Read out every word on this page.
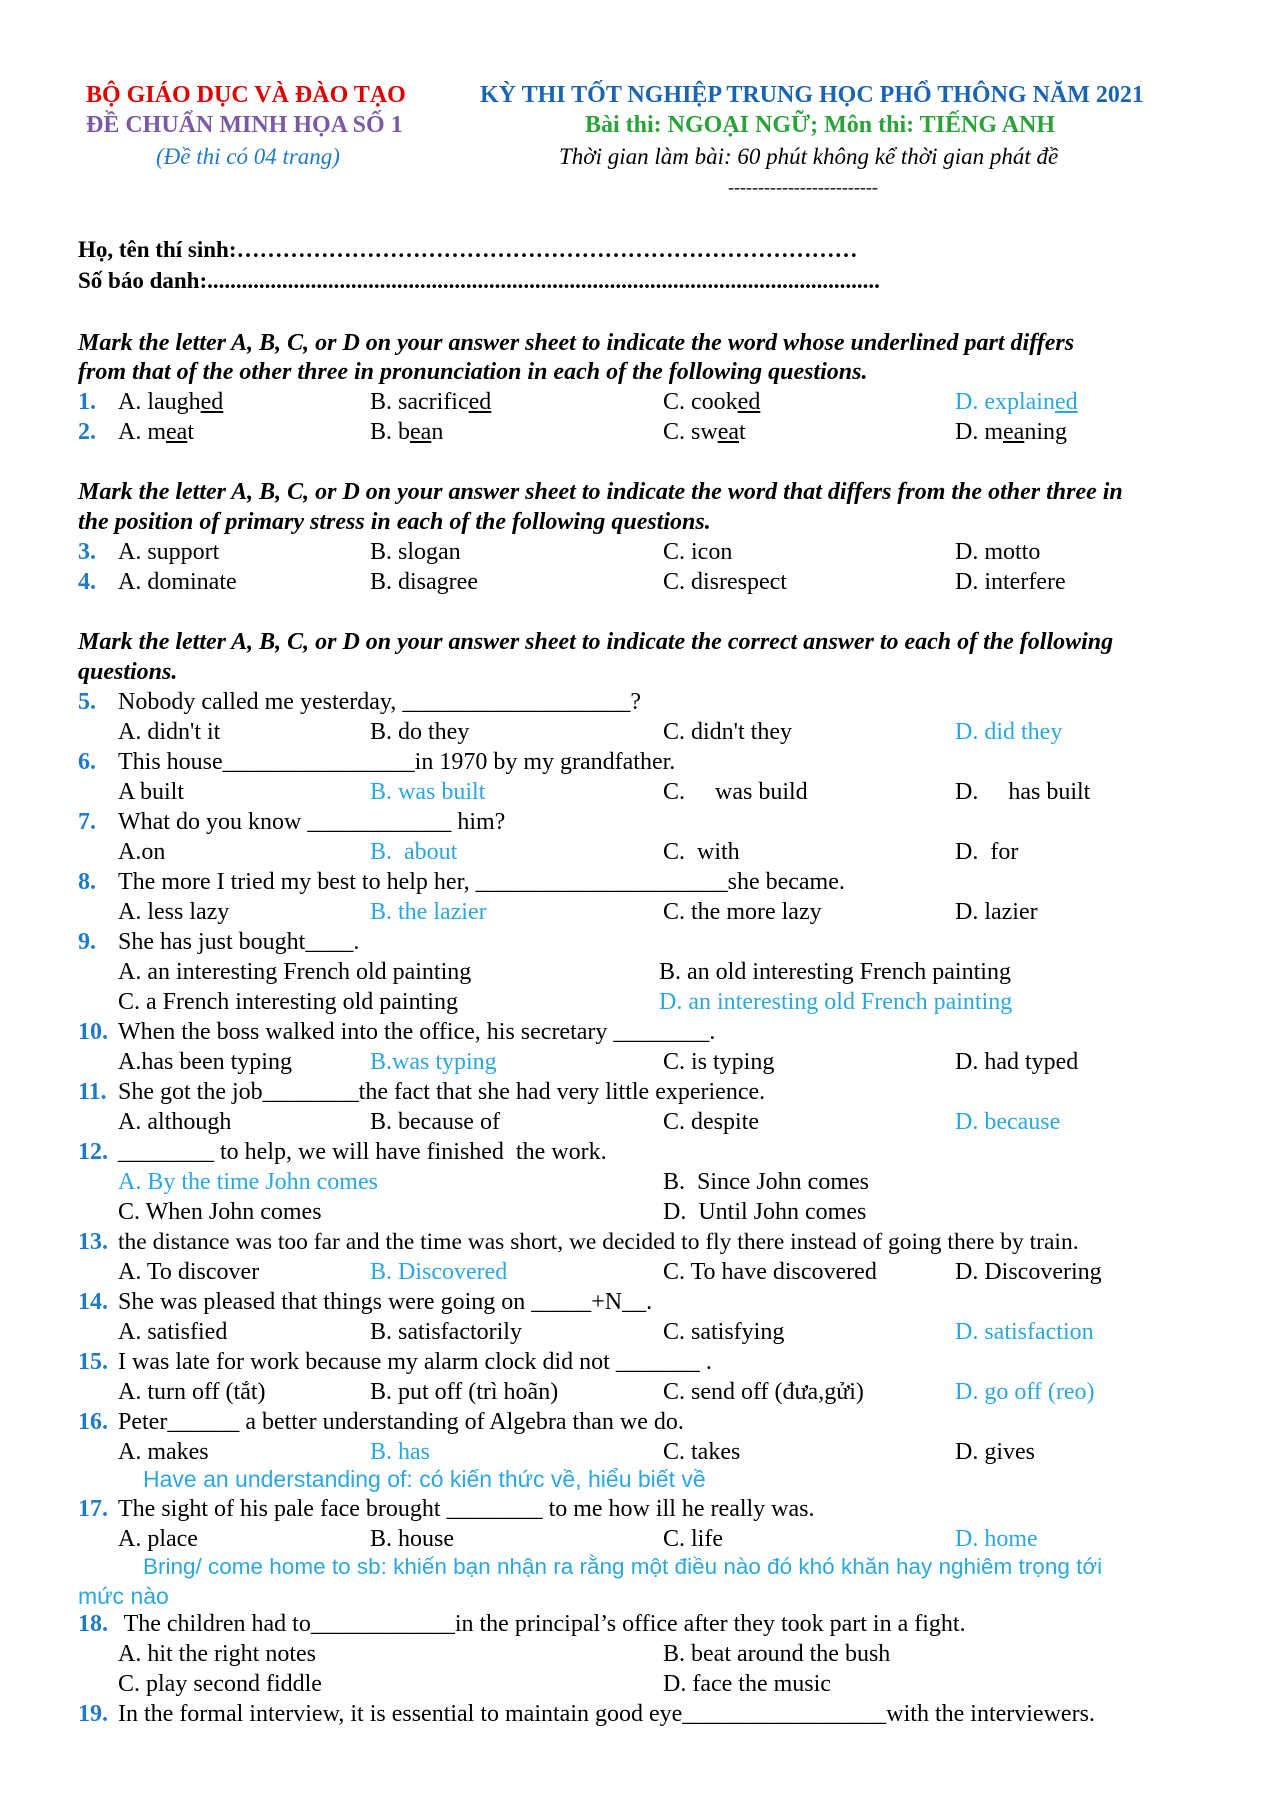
BỘ GIÁO DỤC VÀ ĐÀO TẠO
ĐỀ CHUẨN MINH HỌA SỐ 1
(Đề thi có 04 trang)
KỲ THI TỐT NGHIỆP TRUNG HỌC PHỔ THÔNG NĂM 2021
Bài thi: NGOẠI NGỮ; Môn thi: TIẾNG ANH
Thời gian làm bài: 60 phút không kể thời gian phát đề
-------------------------
Họ, tên thí sinh:………………………………………………………………………
Số báo danh:.....................................................................................................................
Mark the letter A, B, C, or D on your answer sheet to indicate the word whose underlined part differs
from that of the other three in pronunciation in each of the following questions.
1. A. laughed	B. sacrificed	C. cooked	D. explained
2. A. meat	B. bean	C. sweat	D. meaning
Mark the letter A, B, C, or D on your answer sheet to indicate the word that differs from the other three in
the position of primary stress in each of the following questions.
3. A. support	B. slogan	C. icon	D. motto
4. A. dominate	B. disagree	C. disrespect	D. interfere
Mark the letter A, B, C, or D on your answer sheet to indicate the correct answer to each of the following
questions.
5. Nobody called me yesterday, ___________________?
A. didn't it	B. do they	C. didn't they	D. did they
6. This house________________in 1970 by my grandfather.
A built	B. was built	C.     was build	D.     has built
7. What do you know ____________ him?
A.on	B.  about	C.  with	D.  for
8. The more I tried my best to help her, _____________________she became.
A. less lazy	B. the lazier	C. the more lazy	D. lazier
9. She has just bought____.
A. an interesting French old painting	B. an old interesting French painting
C. a French interesting old painting	D. an interesting old French painting
10. When the boss walked into the office, his secretary ________.
A.has been typing	B.was typing	C. is typing	D. had typed
11. She got the job________the fact that she had very little experience.
A. although	B. because of	C. despite	D. because
12. ________ to help, we will have finished  the work.
A. By the time John comes	B.  Since John comes
C. When John comes	D.  Until John comes
13. the distance was too far and the time was short, we decided to fly there instead of going there by train.
A. To discover	B. Discovered	C. To have discovered	D. Discovering
14. She was pleased that things were going on _____+N__.
A. satisfied	B. satisfactorily	C. satisfying	D. satisfaction
15. I was late for work because my alarm clock did not _______ .
A. turn off (tắt)	B. put off (trì hoãn)	C. send off (đưa,gửi)	D. go off (reo)
16. Peter______ a better understanding of Algebra than we do.
A. makes	B. has	C. takes	D. gives
Have an understanding of: có kiến thức về, hiểu biết về
17. The sight of his pale face brought ________ to me how ill he really was.
A. place	B. house	C. life	D. home
Bring/ come home to sb: khiến bạn nhận ra rằng một điều nào đó khó khăn hay nghiêm trọng tới
mức nào
18. The children had to____________in the principal’s office after they took part in a fight.
A. hit the right notes	B. beat around the bush
C. play second fiddle	D. face the music
19. In the formal interview, it is essential to maintain good eye_________________with the interviewers.
